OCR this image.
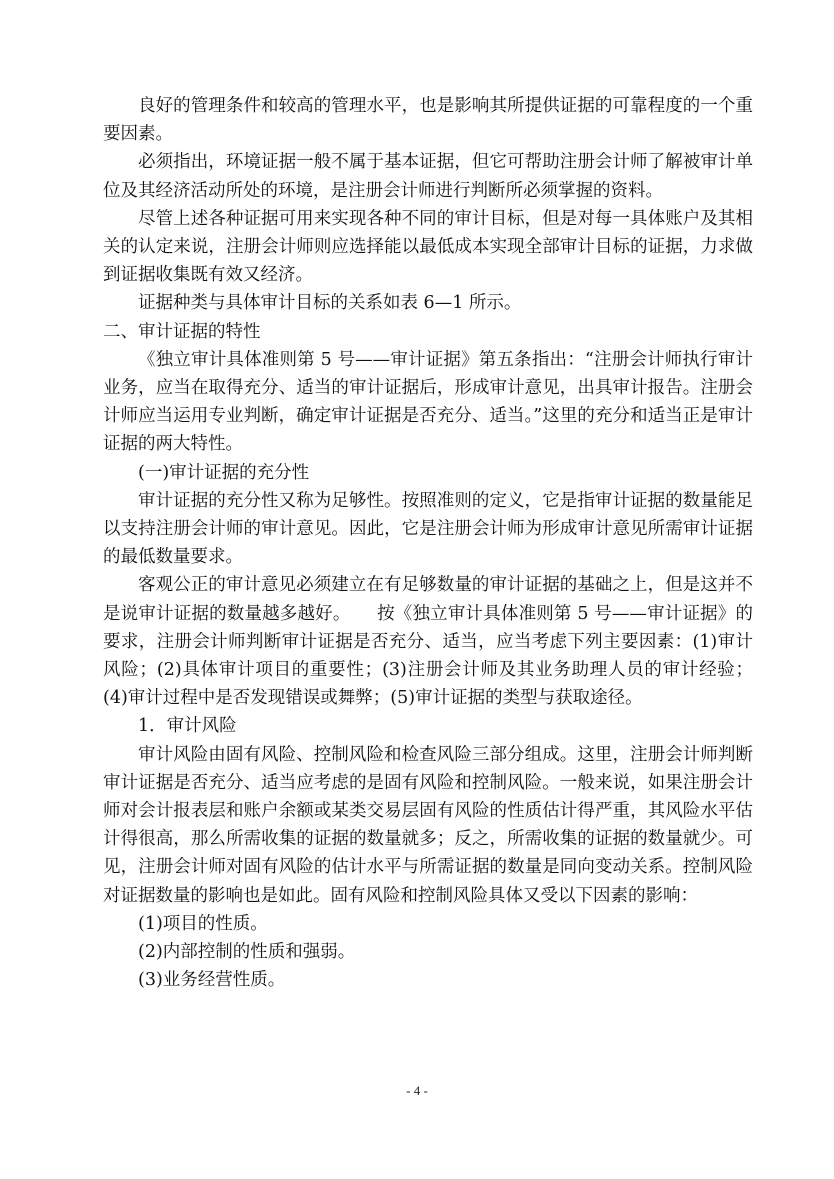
良好的管理条件和较高的管理水平，也是影响其所提供证据的可靠程度的一个重要因素。

必须指出，环境证据一般不属于基本证据，但它可帮助注册会计师了解被审计单位及其经济活动所处的环境，是注册会计师进行判断所必须掌握的资料。

尽管上述各种证据可用来实现各种不同的审计目标，但是对每一具体账户及其相关的认定来说，注册会计师则应选择能以最低成本实现全部审计目标的证据，力求做到证据收集既有效又经济。

证据种类与具体审计目标的关系如表 6—1 所示。

二、审计证据的特性

《独立审计具体准则第 5 号——审计证据》第五条指出：“注册会计师执行审计业务，应当在取得充分、适当的审计证据后，形成审计意见，出具审计报告。注册会计师应当运用专业判断，确定审计证据是否充分、适当。”这里的充分和适当正是审计证据的两大特性。

(一)审计证据的充分性

审计证据的充分性又称为足够性。按照准则的定义，它是指审计证据的数量能足以支持注册会计师的审计意见。因此，它是注册会计师为形成审计意见所需审计证据的最低数量要求。

客观公正的审计意见必须建立在有足够数量的审计证据的基础之上，但是这并不是说审计证据的数量越多越好。　　按《独立审计具体准则第 5 号——审计证据》的要求，注册会计师判断审计证据是否充分、适当，应当考虑下列主要因素：(1)审计风险；(2)具体审计项目的重要性；(3)注册会计师及其业务助理人员的审计经验；(4)审计过程中是否发现错误或舞弊；(5)审计证据的类型与获取途径。

1．审计风险

审计风险由固有风险、控制风险和检查风险三部分组成。这里，注册会计师判断审计证据是否充分、适当应考虑的是固有风险和控制风险。一般来说，如果注册会计师对会计报表层和账户余额或某类交易层固有风险的性质估计得严重，其风险水平估计得很高，那么所需收集的证据的数量就多；反之，所需收集的证据的数量就少。可见，注册会计师对固有风险的估计水平与所需证据的数量是同向变动关系。控制风险对证据数量的影响也是如此。固有风险和控制风险具体又受以下因素的影响：

(1)项目的性质。

(2)内部控制的性质和强弱。

(3)业务经营性质。

- 4 -
